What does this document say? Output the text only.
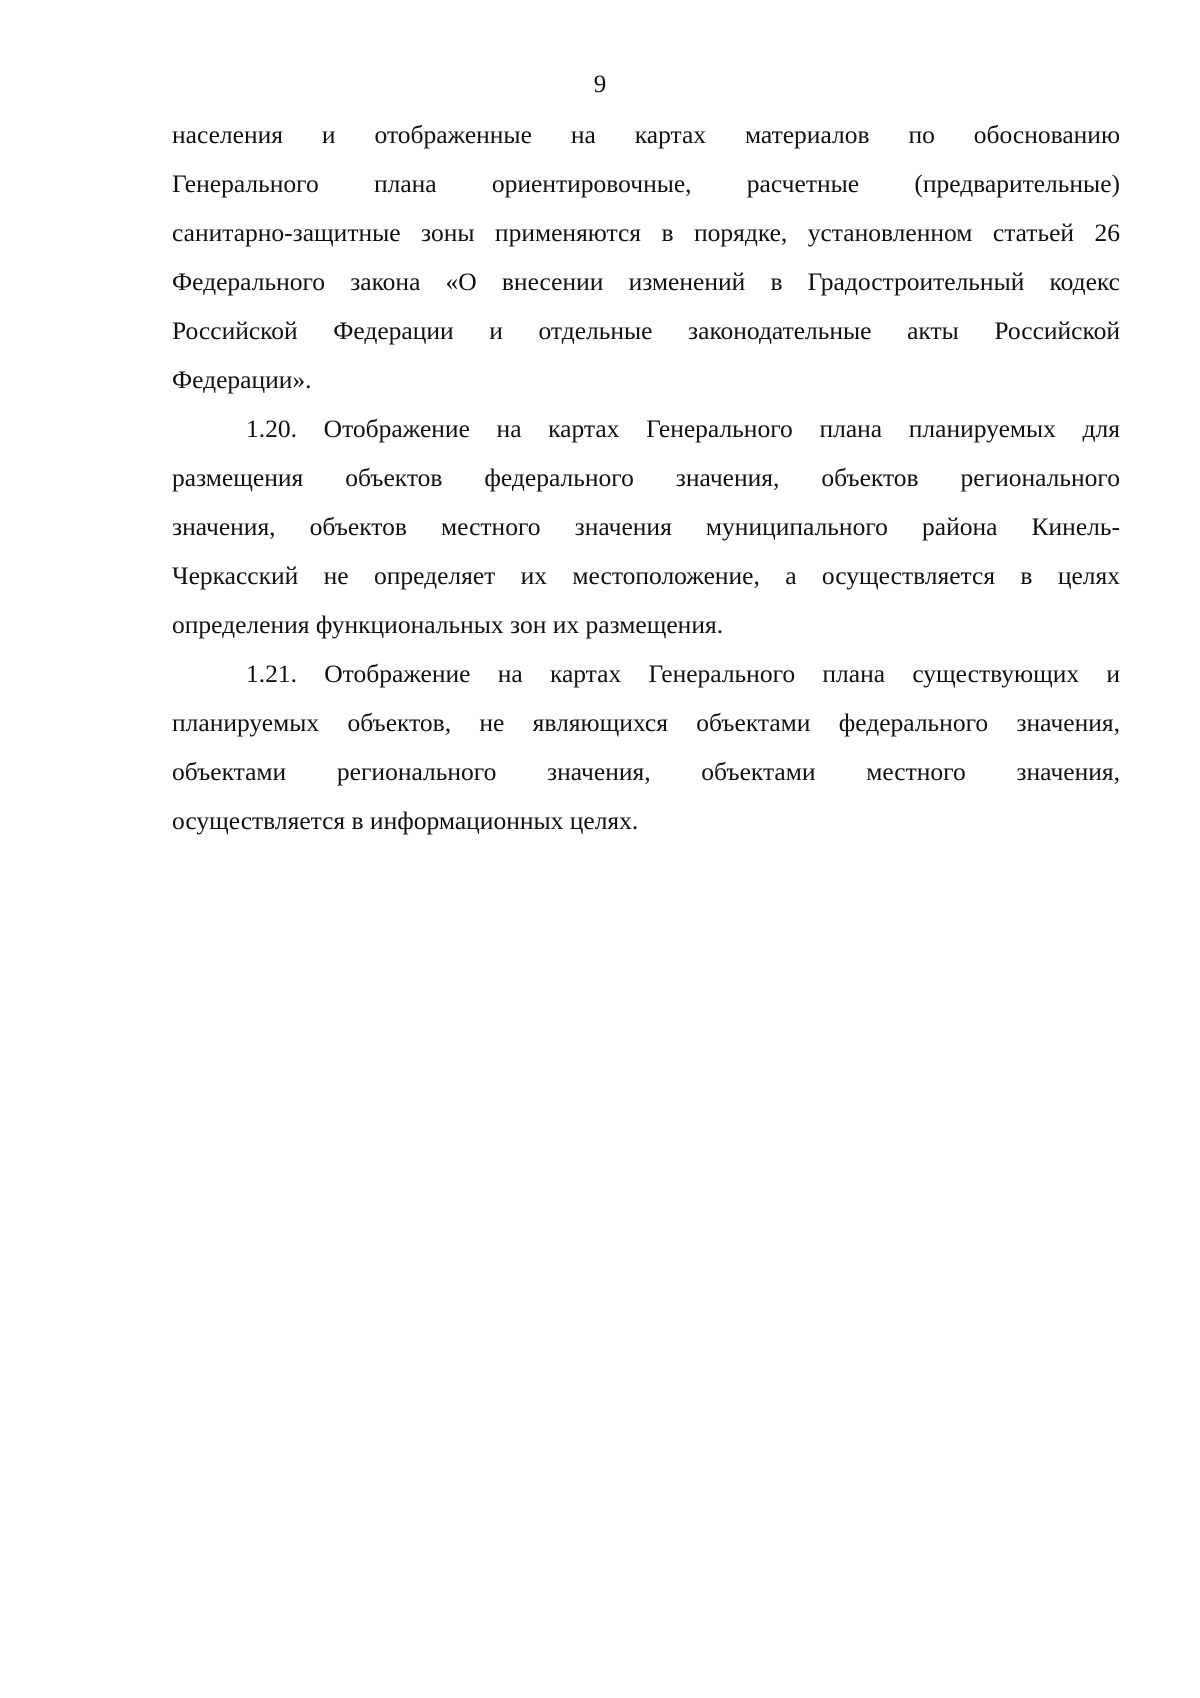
9

населения и отображенные на картах материалов по обоснованию
Генерального плана ориентировочные, расчетные (предварительные)
санитарно-защитные зоны применяются в порядке, установленном статьей 26
Федерального закона «О внесении изменений в Градостроительный кодекс
Российской Федерации и отдельные законодательные акты Российской
Федерации».

1.20. Отображение на картах Генерального плана планируемых для
размещения объектов федерального значения, объектов регионального
значения, объектов местного значения муниципального района Кинель-
Черкасский не определяет их местоположение, а осуществляется в целях
определения функциональных зон их размещения.

1.21. Отображение на картах Генерального плана существующих и
планируемых объектов, не являющихся объектами федерального значения,
объектами регионального значения, объектами местного значения,
осуществляется в информационных целях.
